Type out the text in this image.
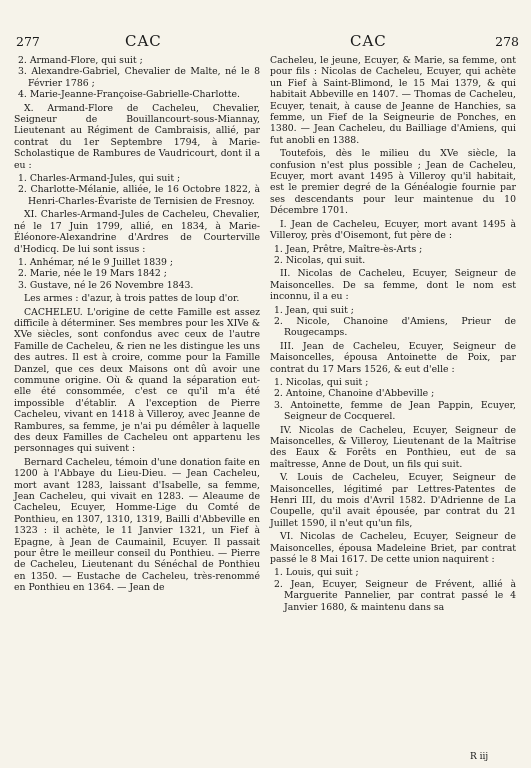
277	CAC	CAC	278

2. Armand-Flore, qui suit ;

3. Alexandre-Gabriel, Chevalier de Malte, né le 8 Février 1786 ;

4. Marie-Jeanne-Françoise-Gabrielle-Charlotte.

X. Armand-Flore de Cacheleu, Chevalier, Seigneur de Bouillancourt-sous-Miannay, Lieutenant au Régiment de Cambraisis, allié, par contrat du 1er Septembre 1794, à Marie-Scholastique de Rambures de Vaudricourt, dont il a eu :

1. Charles-Armand-Jules, qui suit ;

2. Charlotte-Mélanie, alliée, le 16 Octobre 1822, à Henri-Charles-Évariste de Ternisien de Fresnoy.

XI. Charles-Armand-Jules de Cacheleu, Chevalier, né le 17 Juin 1799, allié, en 1834, à Marie-Éléonore-Alexandrine d'Ardres de Courterville d'Hodicq. De lui sont issus :

1. Anhémar, né le 9 Juillet 1839 ;

2. Marie, née le 19 Mars 1842 ;

3. Gustave, né le 26 Novembre 1843.

Les armes : d'azur, à trois pattes de loup d'or.

CACHELEU. L'origine de cette Famille est assez difficile à déterminer. Ses membres pour les XIVe & XVe siècles, sont confondus avec ceux de l'autre Famille de Cacheleu, & rien ne les distingue les uns des autres. Il est à croire, comme pour la Famille Danzel, que ces deux Maisons ont dû avoir une commune origine. Où & quand la séparation eut-elle été consommée, c'est ce qu'il m'a été impossible d'établir. A l'exception de Pierre Cacheleu, vivant en 1418 à Villeroy, avec Jeanne de Rambures, sa femme, je n'ai pu démêler à laquelle des deux Familles de Cacheleu ont appartenu les personnages qui suivent :

Bernard Cacheleu, témoin d'une donation faite en 1200 à l'Abbaye du Lieu-Dieu. — Jean Cacheleu, mort avant 1283, laissant d'Isabelle, sa femme, Jean Cacheleu, qui vivait en 1283. — Aleaume de Cacheleu, Ecuyer, Homme-Lige du Comté de Ponthieu, en 1307, 1310, 1319, Bailli d'Abbeville en 1323 : il achète, le 11 Janvier 1321, un Fief à Epagne, à Jean de Caumainil, Ecuyer. Il passait pour être le meilleur conseil du Ponthieu. — Pierre de Cacheleu, Lieutenant du Sénéchal de Ponthieu en 1350. — Eustache de Cacheleu, très-renommé en Ponthieu en 1364. — Jean de

Cacheleu, le jeune, Ecuyer, & Marie, sa femme, ont pour fils : Nicolas de Cacheleu, Ecuyer, qui achète un Fief à Saint-Blimond, le 15 Mai 1379, & qui habitait Abbeville en 1407. — Thomas de Cacheleu, Ecuyer, tenait, à cause de Jeanne de Hanchies, sa femme, un Fief de la Seigneurie de Ponches, en 1380. — Jean Cacheleu, du Bailliage d'Amiens, qui fut anobli en 1388.

Toutefois, dès le milieu du XVe siècle, la confusion n'est plus possible ; Jean de Cacheleu, Ecuyer, mort avant 1495 à Villeroy qu'il habitait, est le premier degré de la Généalogie fournie par ses descendants pour leur maintenue du 10 Décembre 1701.

I. Jean de Cacheleu, Ecuyer, mort avant 1495 à Villeroy, près d'Oisemont, fut père de :

1. Jean, Prêtre, Maître-ès-Arts ;

2. Nicolas, qui suit.

II. Nicolas de Cacheleu, Ecuyer, Seigneur de Maisoncelles. De sa femme, dont le nom est inconnu, il a eu :

1. Jean, qui suit ;

2. Nicole, Chanoine d'Amiens, Prieur de Rougecamps.

III. Jean de Cacheleu, Ecuyer, Seigneur de Maisoncelles, épousa Antoinette de Poix, par contrat du 17 Mars 1526, & eut d'elle :

1. Nicolas, qui suit ;

2. Antoine, Chanoine d'Abbeville ;

3. Antoinette, femme de Jean Pappin, Ecuyer, Seigneur de Cocquerel.

IV. Nicolas de Cacheleu, Ecuyer, Seigneur de Maisoncelles, & Villeroy, Lieutenant de la Maîtrise des Eaux & Forêts en Ponthieu, eut de sa maîtresse, Anne de Dout, un fils qui suit.

V. Louis de Cacheleu, Ecuyer, Seigneur de Maisoncelles, légitimé par Lettres-Patentes de Henri III, du mois d'Avril 1582. D'Adrienne de La Coupelle, qu'il avait épousée, par contrat du 21 Juillet 1590, il n'eut qu'un fils,

VI. Nicolas de Cacheleu, Ecuyer, Seigneur de Maisoncelles, épousa Madeleine Briet, par contrat passé le 8 Mai 1617. De cette union naquirent :

1. Louis, qui suit ;

2. Jean, Ecuyer, Seigneur de Frévent, allié à Marguerite Pannelier, par contrat passé le 4 Janvier 1680, & maintenu dans sa

R iij
